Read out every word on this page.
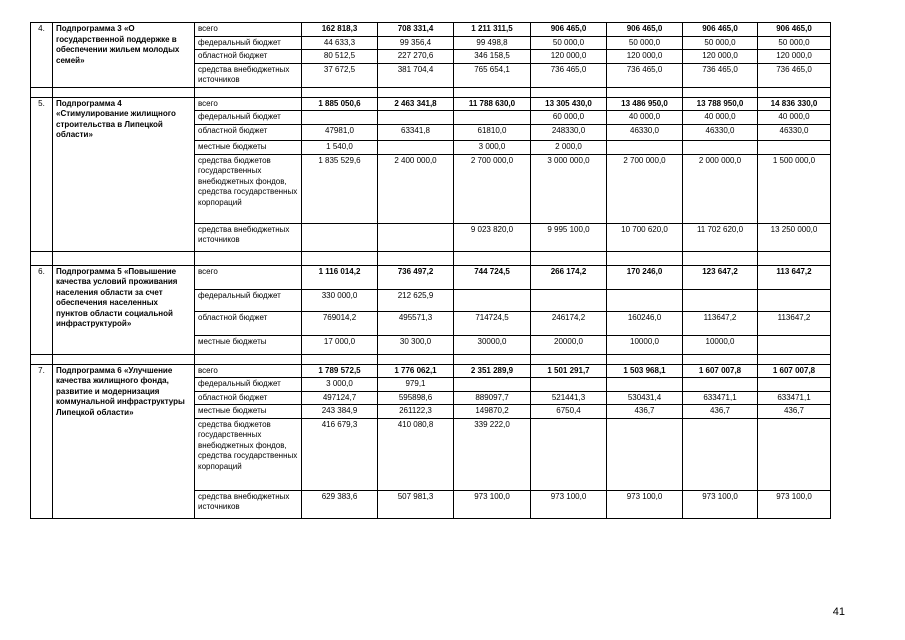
4.	Подпрограмма 3 «О государственной поддержке в обеспечении жильем молодых семей»	всего	162 818,3	708 331,4	1 211 311,5	906 465,0	906 465,0	906 465,0	906 465,0
		федеральный бюджет	44 633,3	99 356,4	99 498,8	50 000,0	50 000,0	50 000,0	50 000,0
		областной бюджет	80 512,5	227 270,6	346 158,5	120 000,0	120 000,0	120 000,0	120 000,0
		средства внебюджетных источников	37 672,5	381 704,4	765 654,1	736 465,0	736 465,0	736 465,0	736 465,0

5.	Подпрограмма 4 «Стимулирование жилищного строительства в Липецкой области»	всего	1 885 050,6	2 463 341,8	11 788 630,0	13 305 430,0	13 486 950,0	13 788 950,0	14 836 330,0
		федеральный бюджет				60 000,0	40 000,0	40 000,0	40 000,0
		областной бюджет	47981,0	63341,8	61810,0	248330,0	46330,0	46330,0	46330,0
		местные бюджеты	1 540,0		3 000,0	2 000,0			
		средства бюджетов государственных внебюджетных фондов, средства государственных корпораций	1 835 529,6	2 400 000,0	2 700 000,0	3 000 000,0	2 700 000,0	2 000 000,0	1 500 000,0
		средства внебюджетных источников			9 023 820,0	9 995 100,0	10 700 620,0	11 702 620,0	13 250 000,0

6.	Подпрограмма 5 «Повышение качества условий проживания населения области за счет обеспечения населенных пунктов области социальной инфраструктурой»	всего	1 116 014,2	736 497,2	744 724,5	266 174,2	170 246,0	123 647,2	113 647,2
		федеральный бюджет	330 000,0	212 625,9					
		областной бюджет	769014,2	495571,3	714724,5	246174,2	160246,0	113647,2	113647,2
		местные бюджеты	17 000,0	30 300,0	30000,0	20000,0	10000,0	10000,0	

7.	Подпрограмма 6 «Улучшение качества жилищного фонда, развитие и модернизация коммунальной инфраструктуры Липецкой области»	всего	1 789 572,5	1 776 062,1	2 351 289,9	1 501 291,7	1 503 968,1	1 607 007,8	1 607 007,8
		федеральный бюджет	3 000,0	979,1					
		областной бюджет	497124,7	595898,6	889097,7	521441,3	530431,4	633471,1	633471,1
		местные бюджеты	243 384,9	261122,3	149870,2	6750,4	436,7	436,7	436,7
		средства бюджетов государственных внебюджетных фондов, средства государственных корпораций	416 679,3	410 080,8	339 222,0				
		средства внебюджетных источников	629 383,6	507 981,3	973 100,0	973 100,0	973 100,0	973 100,0	973 100,0
41
